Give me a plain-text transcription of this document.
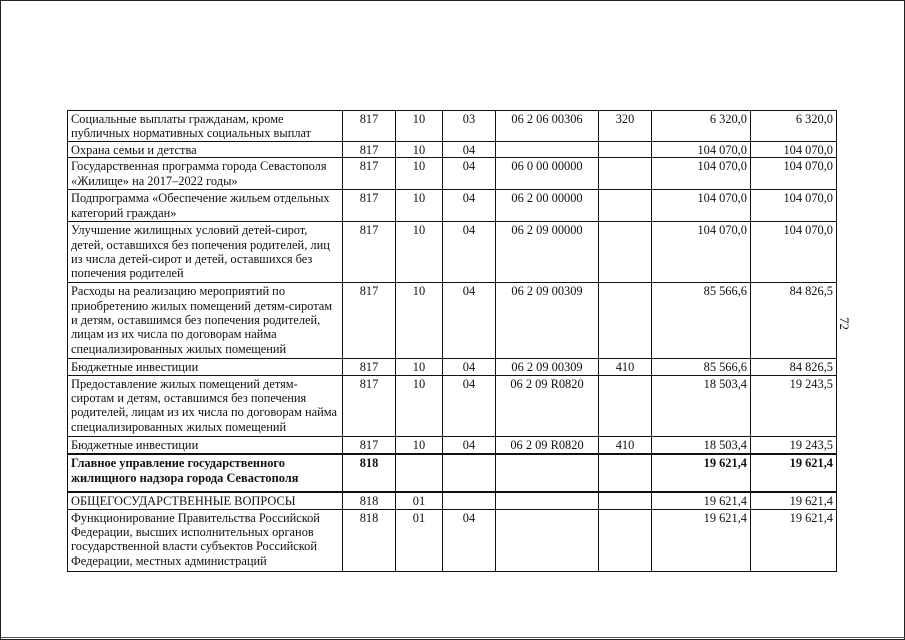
72
Социальные выплаты гражданам, кроме публичных нормативных социальных выплат	817	10	03	06 2 06 00306	320	6 320,0	6 320,0
Охрана семьи и детства	817	10	04			104 070,0	104 070,0
Государственная программа города Севастополя «Жилище» на 2017–2022 годы»	817	10	04	06 0 00 00000		104 070,0	104 070,0
Подпрограмма «Обеспечение жильем отдельных категорий граждан»	817	10	04	06 2 00 00000		104 070,0	104 070,0
Улучшение жилищных условий детей-сирот, детей, оставшихся без попечения родителей, лиц из числа детей-сирот и детей, оставшихся без попечения родителей	817	10	04	06 2 09 00000		104 070,0	104 070,0
Расходы на реализацию мероприятий по приобретению жилых помещений детям-сиротам и детям, оставшимся без попечения родителей, лицам из их числа по договорам найма специализированных жилых помещений	817	10	04	06 2 09 00309		85 566,6	84 826,5
Бюджетные инвестиции	817	10	04	06 2 09 00309	410	85 566,6	84 826,5
Предоставление жилых помещений детям-сиротам и детям, оставшимся без попечения родителей, лицам из их числа по договорам найма специализированных жилых помещений	817	10	04	06 2 09 R0820		18 503,4	19 243,5
Бюджетные инвестиции	817	10	04	06 2 09 R0820	410	18 503,4	19 243,5
Главное управление государственного жилищного надзора города Севастополя	818					19 621,4	19 621,4
ОБЩЕГОСУДАРСТВЕННЫЕ ВОПРОСЫ	818	01				19 621,4	19 621,4
Функционирование Правительства Российской Федерации, высших исполнительных органов государственной власти субъектов Российской Федерации, местных администраций	818	01	04			19 621,4	19 621,4
